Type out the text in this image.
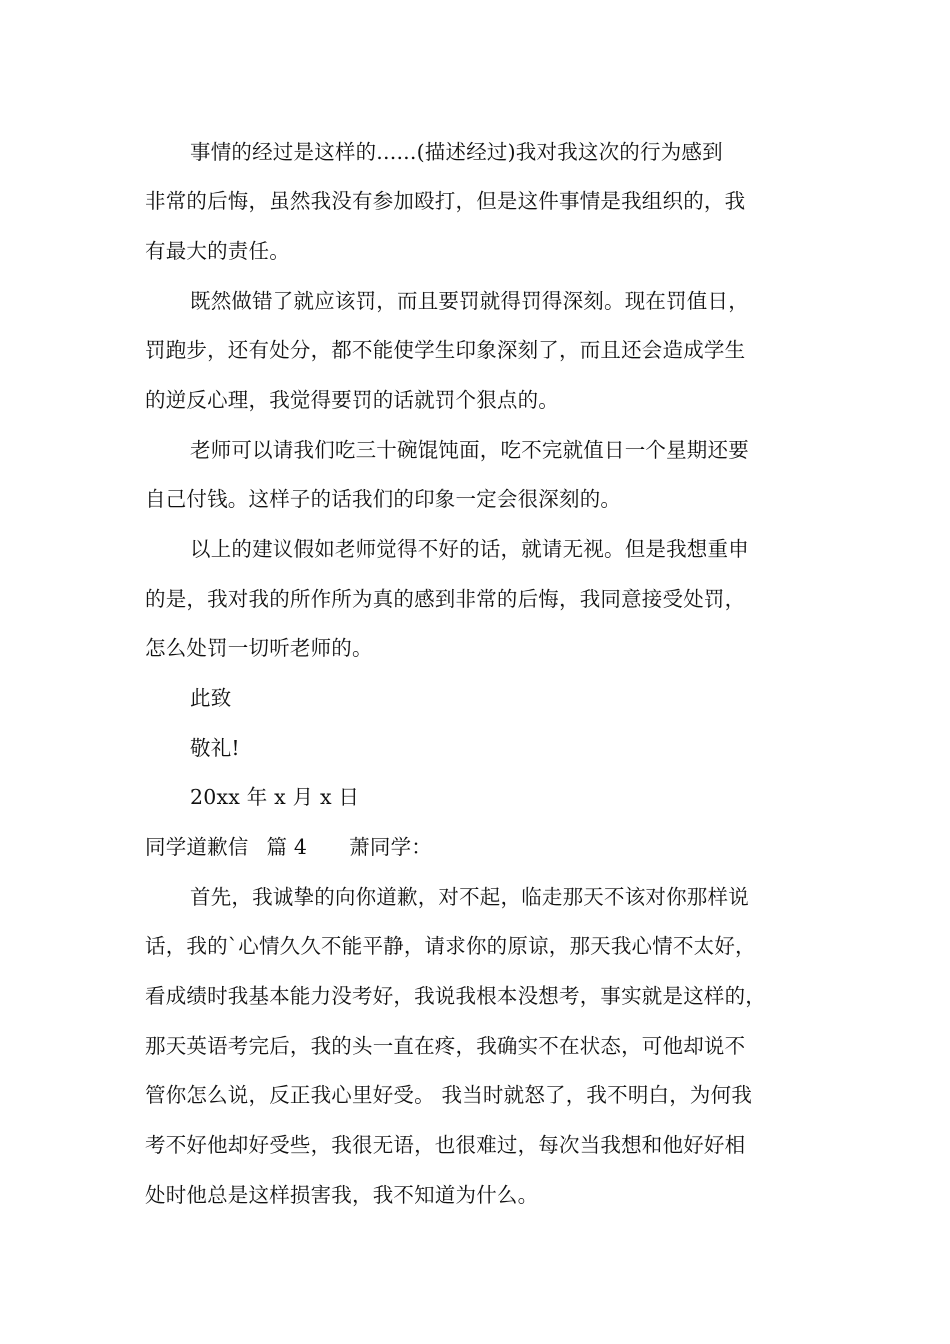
事情的经过是这样的......(描述经过)我对我这次的行为感到
非常的后悔，虽然我没有参加殴打，但是这件事情是我组织的，我
有最大的责任。
既然做错了就应该罚，而且要罚就得罚得深刻。现在罚值日，
罚跑步，还有处分，都不能使学生印象深刻了，而且还会造成学生
的逆反心理，我觉得要罚的话就罚个狠点的。
老师可以请我们吃三十碗馄饨面，吃不完就值日一个星期还要
自己付钱。这样子的话我们的印象一定会很深刻的。
以上的建议假如老师觉得不好的话，就请无视。但是我想重申
的是，我对我的所作所为真的感到非常的后悔，我同意接受处罚，
怎么处罚一切听老师的。
此致
敬礼!
20xx 年 x 月 x 日
同学道歉信 篇 4 萧同学：
首先，我诚挚的向你道歉，对不起，临走那天不该对你那样说
话，我的`心情久久不能平静，请求你的原谅，那天我心情不太好，
看成绩时我基本能力没考好，我说我根本没想考，事实就是这样的，
那天英语考完后，我的头一直在疼，我确实不在状态，可他却说不
管你怎么说，反正我心里好受。 我当时就怒了，我不明白，为何我
考不好他却好受些，我很无语，也很难过，每次当我想和他好好相
处时他总是这样损害我，我不知道为什么。
